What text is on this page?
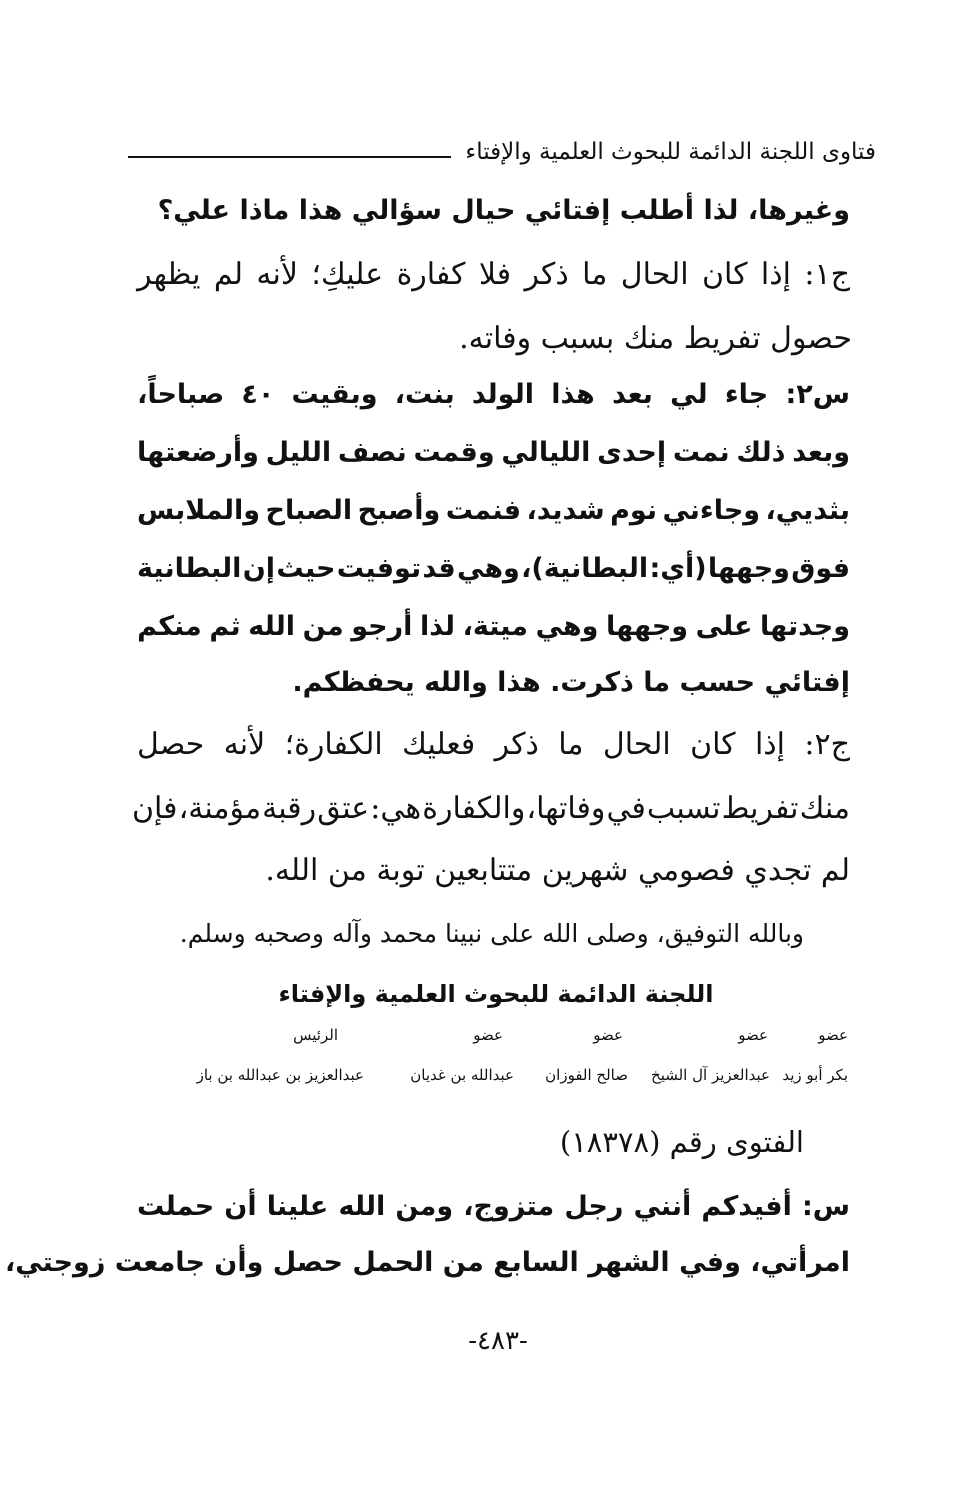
فتاوى اللجنة الدائمة للبحوث العلمية والإفتاء
وغيرها، لذا أطلب إفتائي حيال سؤالي هذا ماذا علي؟
ج١:
إذا
كان
الحال
ما
ذكر
فلا
كفارة
عليكِ؛
لأنه
لم
يظهر
حصول تفريط منك بسبب وفاته.
س٢:
جاء
لي
بعد
هذا
الولد
بنت،
وبقيت
٤٠
صباحاً،
وبعد
ذلك
نمت
إحدى
الليالي
وقمت
نصف
الليل
وأرضعتها
بثديي،
وجاءني
نوم
شديد،
فنمت
وأصبح
الصباح
والملابس
فوق
وجهها
(أي:
البطانية)،
وهي
قد
توفيت
حيث
إن
البطانية
وجدتها
على
وجهها
وهي
ميتة،
لذا
أرجو
من
الله
ثم
منكم
إفتائي حسب ما ذكرت. هذا والله يحفظكم.
ج٢:
إذا
كان
الحال
ما
ذكر
فعليك
الكفارة؛
لأنه
حصل
منك
تفريط
تسبب
في
وفاتها،
والكفارة
هي:
عتق
رقبة
مؤمنة،
فإن
لم تجدي فصومي شهرين متتابعين توبة من الله.
وبالله التوفيق، وصلى الله على نبينا محمد وآله وصحبه وسلم.
اللجنة الدائمة للبحوث العلمية والإفتاء
عضو
عضو
عضو
عضو
الرئيس
بكر أبو زيد
عبدالعزيز آل الشيخ
صالح الفوزان
عبدالله بن غديان
عبدالعزيز بن عبدالله بن باز
الفتوى رقم (١٨٣٧٨)
س:
أفيدكم
أنني
رجل
متزوج،
ومن
الله
علينا
أن
حملت
امرأتي، وفي الشهر السابع من الحمل حصل وأن جامعت زوجتي،
-٤٨٣-
